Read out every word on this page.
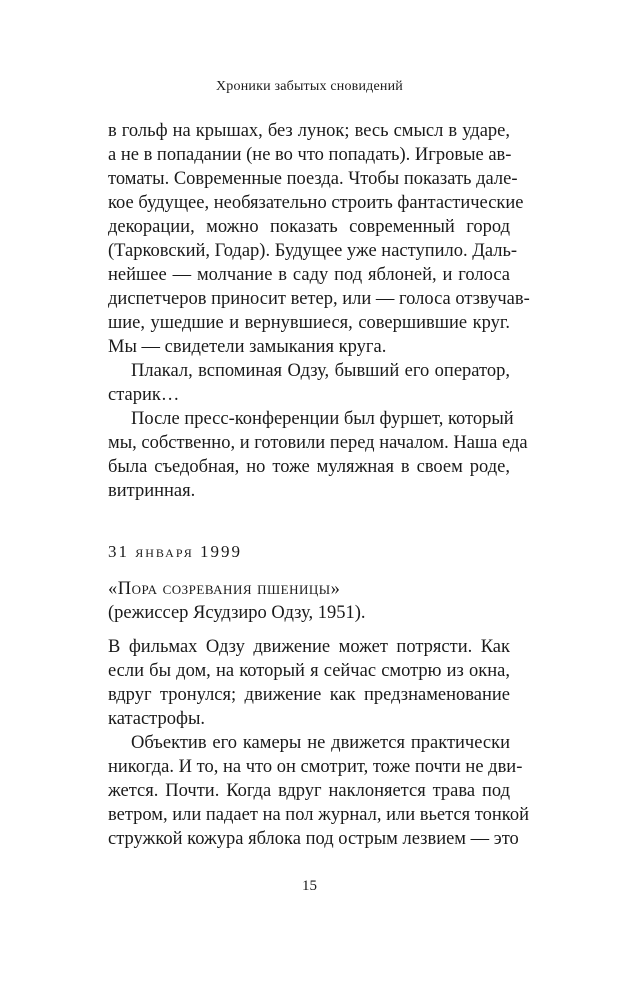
Хроники забытых сновидений
в гольф на крышах, без лунок; весь смысл в ударе,
а не в попадании (не во что попадать). Игровые ав-
томаты. Современные поезда. Чтобы показать дале-
кое будущее, необязательно строить фантастические
декорации, можно показать современный город
(Тарковский, Годар). Будущее уже наступило. Даль-
нейшее — молчание в саду под яблоней, и голоса
диспетчеров приносит ветер, или — голоса отзвучав-
шие, ушедшие и вернувшиеся, совершившие круг.
Мы — свидетели замыкания круга.
Плакал, вспоминая Одзу, бывший его оператор,
старик…
После пресс-конференции был фуршет, который
мы, собственно, и готовили перед началом. Наша еда
была съедобная, но тоже муляжная в своем роде,
витринная.
31 января 1999
«Пора созревания пшеницы»
(режиссер Ясудзиро Одзу, 1951).
В фильмах Одзу движение может потрясти. Как
если бы дом, на который я сейчас смотрю из окна,
вдруг тронулся; движение как предзнаменование
катастрофы.
Объектив его камеры не движется практически
никогда. И то, на что он смотрит, тоже почти не дви-
жется. Почти. Когда вдруг наклоняется трава под
ветром, или падает на пол журнал, или вьется тонкой
стружкой кожура яблока под острым лезвием — это
15
